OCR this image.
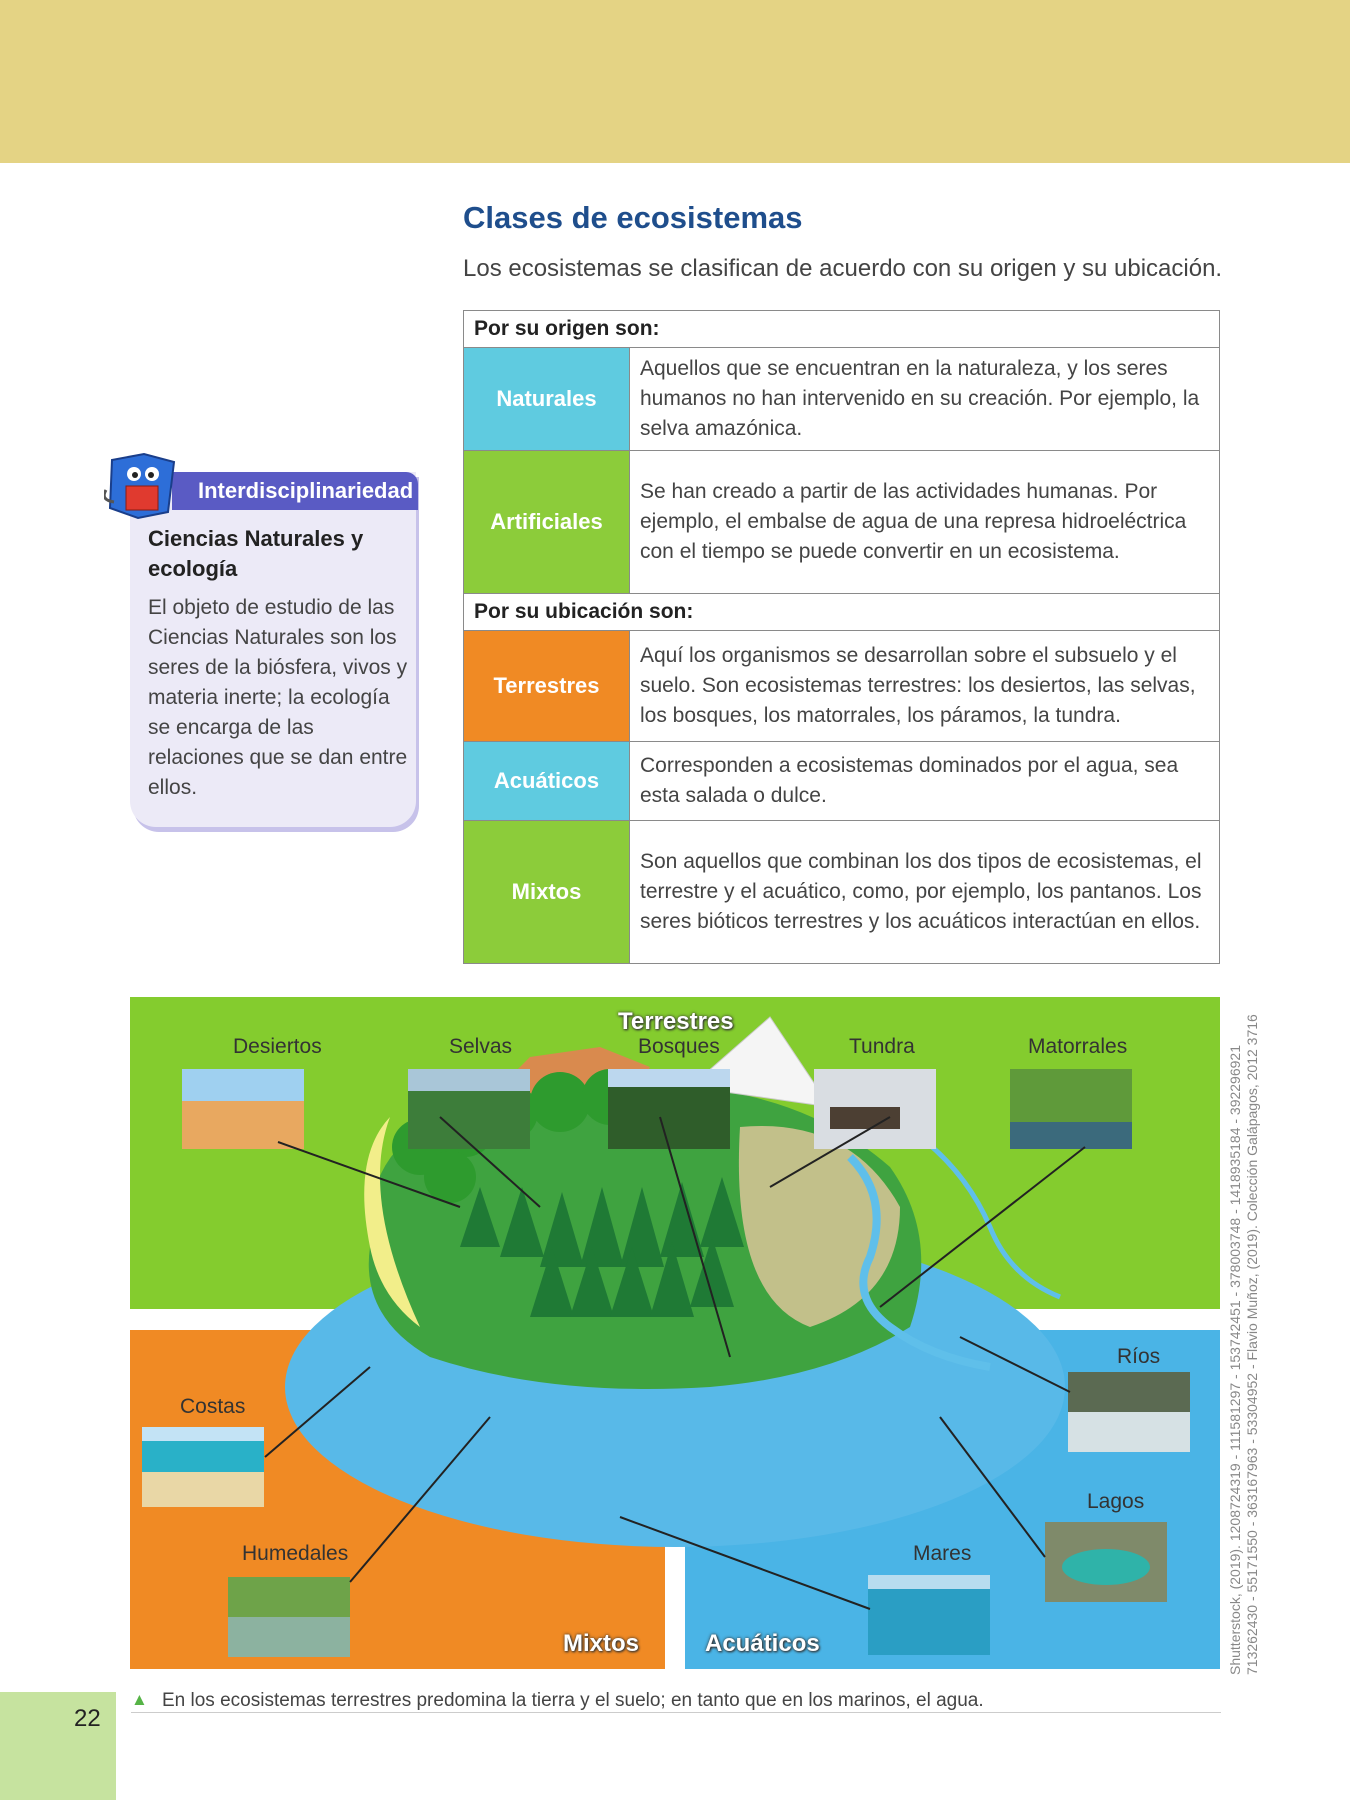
Clases de ecosistemas
Los ecosistemas se clasifican de acuerdo con su origen y su ubicación.
Por su origen son:	
Naturales	Aquellos que se encuentran en la naturaleza, y los seres humanos no han intervenido en su creación. Por ejemplo, la selva amazónica.
Artificiales	Se han creado a partir de las actividades humanas. Por ejemplo, el embalse de agua de una represa hidroeléctrica con el tiempo se puede convertir en un ecosistema.
Por su ubicación son:	
Terrestres	Aquí los organismos se desarrollan sobre el subsuelo y el suelo. Son ecosistemas terrestres: los desiertos, las selvas, los bosques, los matorrales, los páramos, la tundra.
Acuáticos	Corresponden a ecosistemas dominados por el agua, sea esta salada o dulce.
Mixtos	Son aquellos que combinan los dos tipos de ecosistemas, el terrestre y el acuático, como, por ejemplo, los pantanos. Los seres bióticos terrestres y los acuáticos interactúan en ellos.
Interdisciplinariedad
Ciencias Naturales y ecología
El objeto de estudio de las Ciencias Naturales son los seres de la biósfera, vivos y materia inerte; la ecología se encarga de las relaciones que se dan entre ellos.
Terrestres
Mixtos	Acuáticos
Desiertos	Selvas	Bosques	Tundra	Matorrales
Costas
Humedales
Ríos
Lagos
Mares	Shutterstock, (2019). 1208724319 - 111581297 - 153742451 - 378003748 - 1418935184 - 392296921 713262430 - 55171550 - 363167963 - 53304952 - Flavio Muñoz, (2019). Colección Galápagos, 2012 3716
▲ En los ecosistemas terrestres predomina la tierra y el suelo; en tanto que en los marinos, el agua.
22
